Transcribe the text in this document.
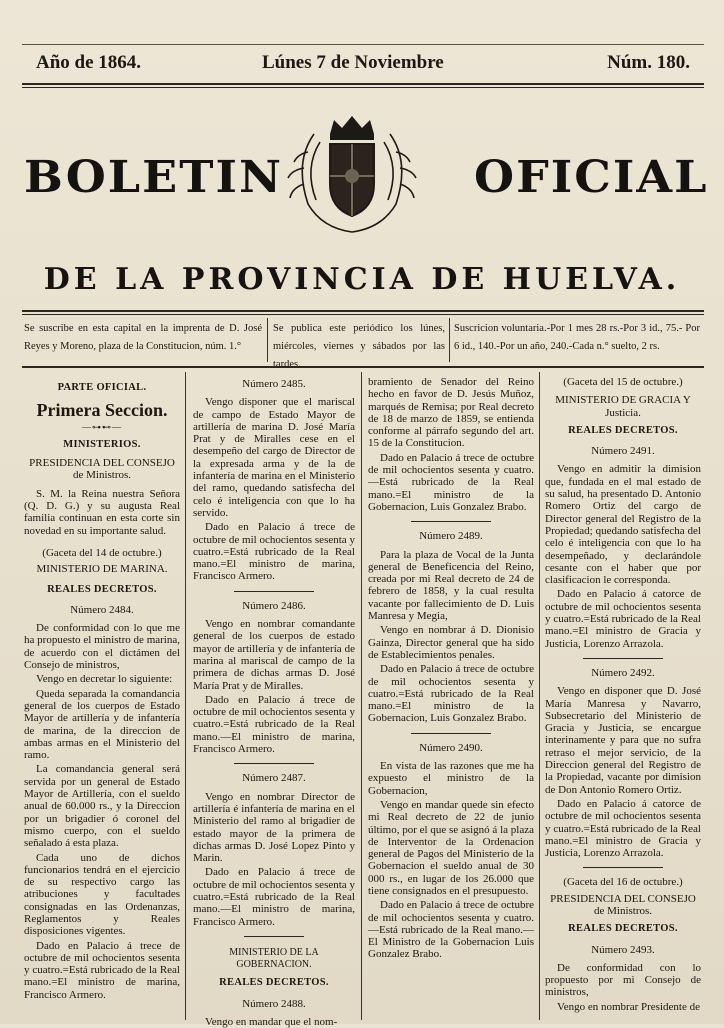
Año de 1864.	Lúnes 7 de Noviembre	Núm. 180.
BOLETIN	OFICIAL
DE LA PROVINCIA DE HUELVA.
Se suscribe en esta capital en la imprenta de D. José Reyes y Moreno, plaza de la Constitucion, núm. 1.°
Se publica este periódico los lúnes, miércoles, viernes y sábados por las tardes.
Suscricion voluntaria.-Por 1 mes 28 rs.-Por 3 id., 75.- Por 6 id., 140.-Por un año, 240.-Cada n.° suelto, 2 rs.

PARTE OFICIAL.

Primera Seccion.

—⊶⊷—

MINISTERIOS.

PRESIDENCIA DEL CONSEJO de Ministros.

S. M. la Reina nuestra Señora (Q. D. G.) y su augusta Real familia continuan en esta corte sin novedad en su importante salud.

(Gaceta del 14 de octubre.)

MINISTERIO DE MARINA.

REALES DECRETOS.

Número 2484.

De conformidad con lo que me ha propuesto el ministro de marina, de acuerdo con el dictámen del Consejo de ministros,

Vengo en decretar lo siguiente:

Queda separada la comandancia general de los cuerpos de Estado Mayor de artillería y de infantería de marina, de la direccion de ambas armas en el Ministerio del ramo.

La comandancia general será servida por un general de Estado Mayor de Artillería, con el sueldo anual de 60.000 rs., y la Direccion por un brigadier ó coronel del mismo cuerpo, con el sueldo señalado á esta plaza.

Cada uno de dichos funcionarios tendrá en el ejercicio de su respectivo cargo las atribuciones y facultades consignadas en las Ordenanzas, Reglamentos y Reales disposiciones vigentes.

Dado en Palacio á trece de octubre de mil ochocientos sesenta y cuatro.=Está rubricado de la Real mano.=El ministro de marina, Francisco Armero.

Número 2485.

Vengo disponer que el mariscal de campo de Estado Mayor de artillería de marina D. José María Prat y de Miralles cese en el desempeño del cargo de Director de la expresada arma y de la de infantería de marina en el Ministerio del ramo, quedando satisfecha del celo é inteligencia con que lo ha servido.

Dado en Palacio á trece de octubre de mil ochocientos sesenta y cuatro.=Está rubricado de la Real mano.=El ministro de marina, Francisco Armero.

Número 2486.

Vengo en nombrar comandante general de los cuerpos de estado mayor de artillería y de infantería de marina al mariscal de campo de la primera de dichas armas D. José María Prat y de Miralles.

Dado en Palacio á trece de octubre de mil ochocientos sesenta y cuatro.=Está rubricado de la Real mano.—El ministro de marina, Francisco Armero.

Número 2487.

Vengo en nombrar Director de artillería é infantería de marina en el Ministerio del ramo al brigadier de estado mayor de la primera de dichas armas D. José Lopez Pinto y Marin.

Dado en Palacio á trece de octubre de mil ochocientos sesenta y cuatro.=Está rubricado de la Real mano.—El ministro de marina, Francisco Armero.

MINISTERIO DE LA GOBERNACION.

REALES DECRETOS.

Número 2488.

Vengo en mandar que el nom-

bramiento de Senador del Reino hecho en favor de D. Jesús Muñoz, marqués de Remisa; por Real decreto de 18 de marzo de 1859, se entienda conforme al párrafo segundo del art. 15 de la Constitucion.

Dado en Palacio á trece de octubre de mil ochocientos sesenta y cuatro.—Está rubricado de la Real mano.=El ministro de la Gobernacion, Luis Gonzalez Brabo.

Número 2489.

Para la plaza de Vocal de la Junta general de Beneficencia del Reino, creada por mi Real decreto de 24 de febrero de 1858, y la cual resulta vacante por fallecimiento de D. Luis Manresa y Megia,

Vengo en nombrar á D. Dionisio Gainza, Director general que ha sido de Establecimientos penales.

Dado en Palacio á trece de octubre de mil ochocientos sesenta y cuatro.=Está rubricado de la Real mano.=El ministro de la Gobernacion, Luis Gonzalez Brabo.

Número 2490.

En vista de las razones que me ha expuesto el ministro de la Gobernacion,

Vengo en mandar quede sin efecto mi Real decreto de 22 de junio último, por el que se asignó á la plaza de Interventor de la Ordenacion general de Pagos del Ministerio de la Gobernacion el sueldo anual de 30 000 rs., en lugar de los 26.000 que tiene consignados en el presupuesto.

Dado en Palacio á trece de octubre de mil ochocientos sesenta y cuatro.—Está rubricado de la Real mano.—El Ministro de la Gobernacion Luis Gonzalez Brabo.

(Gaceta del 15 de octubre.)

MINISTERIO DE GRACIA Y Justicia.

REALES DECRETOS.

Número 2491.

Vengo en admitir la dimision que, fundada en el mal estado de su salud, ha presentado D. Antonio Romero Ortiz del cargo de Director general del Registro de la Propiedad; quedando satisfecha del celo é inteligencia con que lo ha desempeñado, y declarándole cesante con el haber que por clasificacion le corresponda.

Dado en Palacio á catorce de octubre de mil ochocientos sesenta y cuatro.=Está rubricado de la Real mano.=El ministro de Gracia y Justicia, Lorenzo Arrazola.

Número 2492.

Vengo en disponer que D. José María Manresa y Navarro, Subsecretario del Ministerio de Gracia y Justicia, se encargue interinamente y para que no sufra retraso el mejor servicio, de la Direccion general del Registro de la Propiedad, vacante por dimision de Don Antonio Romero Ortiz.

Dado en Palacio á catorce de octubre de mil ochocientos sesenta y cuatro.=Está rubricado de la Real mano.=El ministro de Gracia y Justicia, Lorenzo Arrazola.

(Gaceta del 16 de octubre.)

PRESIDENCIA DEL CONSEJO de Ministros.

REALES DECRETOS.

Número 2493.

De conformidad con lo propuesto por mi Consejo de ministros,

Vengo en nombrar Presidente de
